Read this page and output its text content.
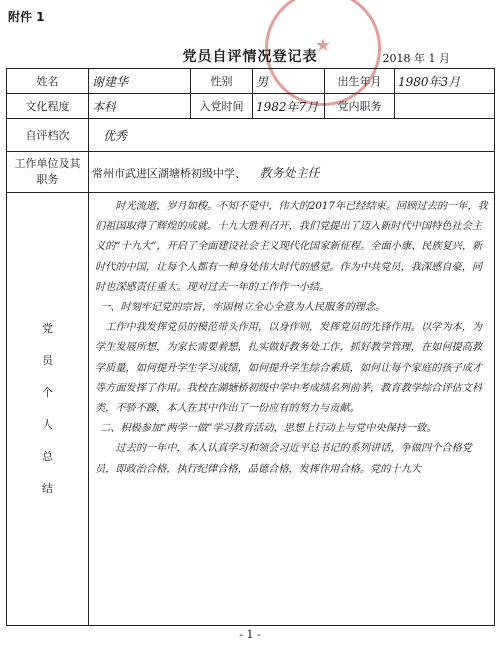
附件 1
★
党员自评情况登记表	2018 年 1 月
姓名	谢建华	性别	男	出生年月	1980年3月
文化程度	本科	入党时间	1982年7月	党内职务	
自评档次	优秀				
工作单位及其职务	常州市武进区湖塘桥初级中学、 教务处主任				

党员个人总结	时光流逝，岁月如梭。不知不觉中，伟大的2017年已经结束。回顾过去的一年，我们祖国取得了辉煌的成就。十九大胜利召开，我们党提出了迈入新时代中国特色社会主义的“十九大”，开启了全面建设社会主义现代化国家新征程。全面小康、民族复兴，新时代的中国，让每个人都有一种身处伟大时代的感觉。作为中共党员，我深感自豪，同时也深感责任重大。现对过去一年的工作作一小结。

一、时刻牢记党的宗旨，牢固树立全心全意为人民服务的理念。

工作中我发挥党员的模范带头作用，以身作则，发挥党员的先锋作用。以学为本，为学生发展所想，为家长需要着想，扎实做好教务处工作，抓好教学管理，在如何提高教学质量，如何提升学生学习成绩，如何提升学生综合素质，如何让每个家庭的孩子成才等方面发挥了作用。我校在湖塘桥初级中学中考成绩名列前茅，教育教学综合评估文科类，不骄不躁，本人在其中作出了一份应有的努力与贡献。

二、积极参加“两学一做”学习教育活动，思想上行动上与党中央保持一致。

过去的一年中，本人认真学习和领会习近平总书记的系列讲话，争做四个合格党员，即政治合格，执行纪律合格，品德合格，发挥作用合格。党的十九大				

- 1 -
